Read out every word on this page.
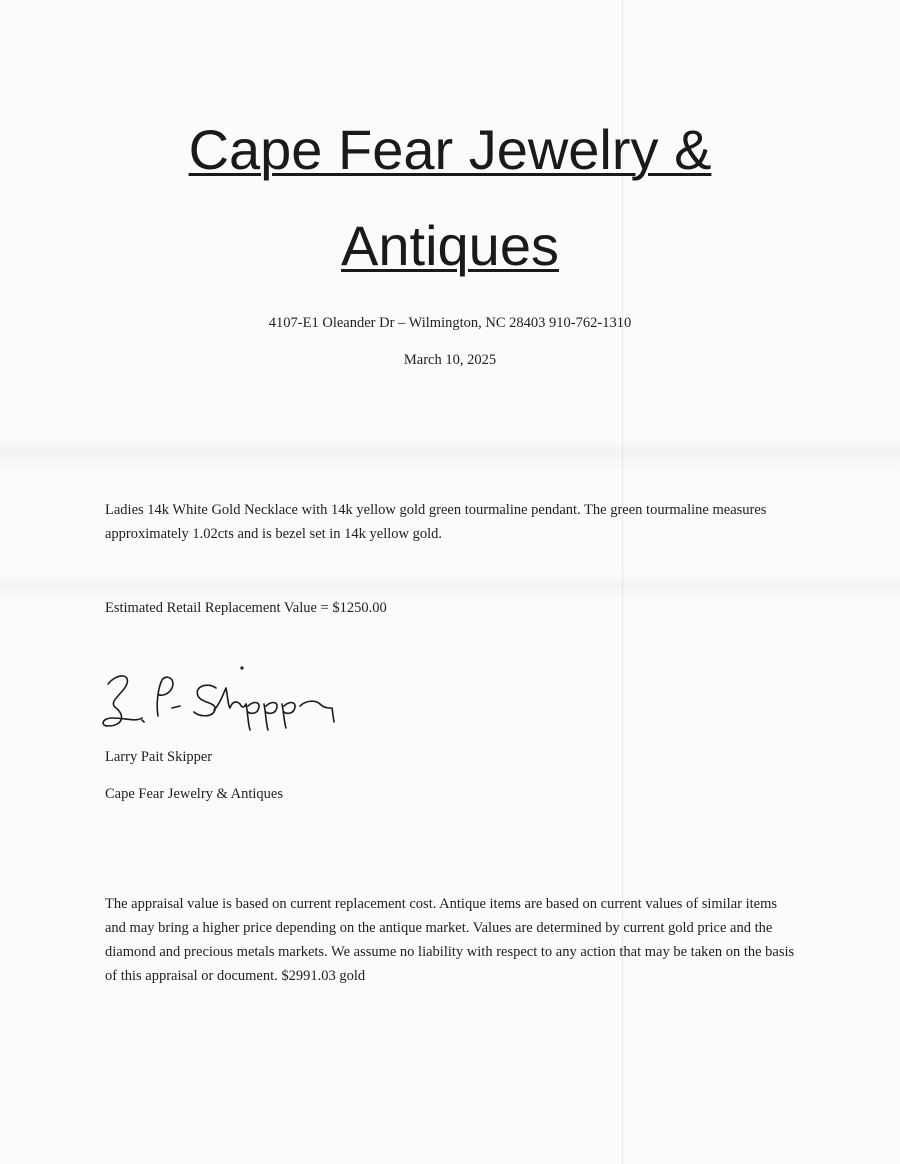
Cape Fear Jewelry &
Antiques
4107-E1 Oleander Dr – Wilmington, NC 28403 910-762-1310
March 10, 2025
Ladies 14k White Gold Necklace with 14k yellow gold green tourmaline pendant. The green tourmaline measures approximately 1.02cts and is bezel set in 14k yellow gold.
Estimated Retail Replacement Value = $1250.00
Larry Pait Skipper
Cape Fear Jewelry & Antiques
The appraisal value is based on current replacement cost. Antique items are based on current values of similar items and may bring a higher price depending on the antique market. Values are determined by current gold price and the diamond and precious metals markets. We assume no liability with respect to any action that may be taken on the basis of this appraisal or document. $2991.03 gold
